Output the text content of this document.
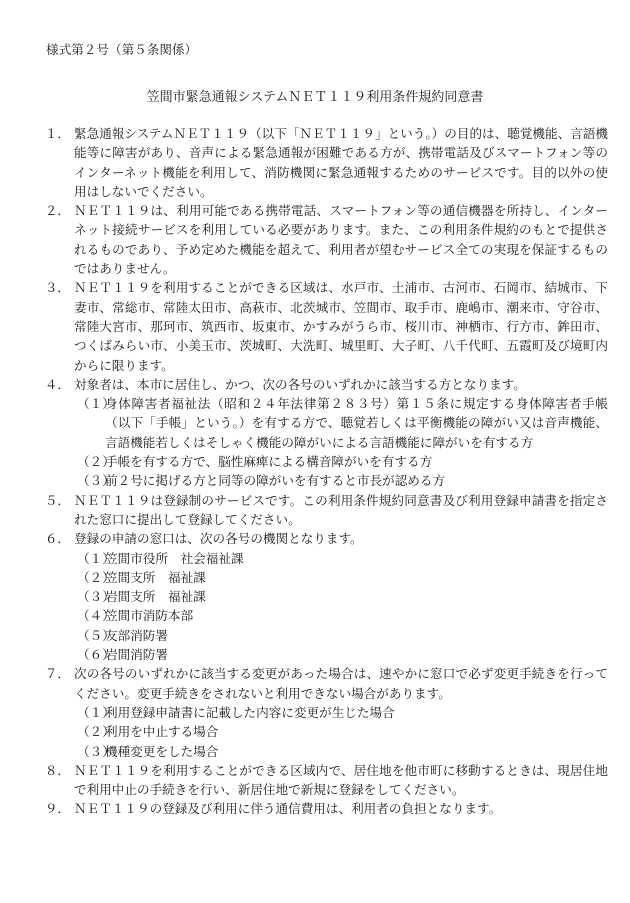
様式第２号（第５条関係）
笠間市緊急通報システムＮＥＴ１１９利用条件規約同意書
１． 緊急通報システムＮＥＴ１１９（以下「ＮＥＴ１１９」という。）の目的は、聴覚機能、言語機能等に障害があり、音声による緊急通報が困難である方が、携帯電話及びスマートフォン等のインターネット機能を利用して、消防機関に緊急通報するためのサービスです。目的以外の使用はしないでください。
２． ＮＥＴ１１９は、利用可能である携帯電話、スマートフォン等の通信機器を所持し、インターネット接続サービスを利用している必要があります。また、この利用条件規約のもとで提供されるものであり、予め定めた機能を超えて、利用者が望むサービス全ての実現を保証するものではありません。
３． ＮＥＴ１１９を利用することができる区域は、水戸市、土浦市、古河市、石岡市、結城市、下妻市、常総市、常陸太田市、高萩市、北茨城市、笠間市、取手市、鹿嶋市、潮来市、守谷市、常陸大宮市、那珂市、筑西市、坂東市、かすみがうら市、桜川市、神栖市、行方市、鉾田市、つくばみらい市、小美玉市、茨城町、大洗町、城里町、大子町、八千代町、五霞町及び境町内からに限ります。
４． 対象者は、本市に居住し、かつ、次の各号のいずれかに該当する方となります。
（１）
身体障害者福祉法（昭和２４年法律第２８３号）第１５条に規定する身体障害者手帳（以下「手帳」という。）を有する方で、聴覚若しくは平衡機能の障がい又は音声機能、言語機能若しくはそしゃく機能の障がいによる言語機能に障がいを有する方
（２）
手帳を有する方で、脳性麻痺による構音障がいを有する方
（３）
前２号に掲げる方と同等の障がいを有すると市長が認める方
５． ＮＥＴ１１９は登録制のサービスです。この利用条件規約同意書及び利用登録申請書を指定された窓口に提出して登録してください。
６． 登録の申請の窓口は、次の各号の機関となります。
（１）
笠間市役所　社会福祉課
（２）
笠間支所　福祉課
（３）
岩間支所　福祉課
（４）
笠間市消防本部
（５）
友部消防署
（６）
岩間消防署
７． 次の各号のいずれかに該当する変更があった場合は、速やかに窓口で必ず変更手続きを行ってください。変更手続きをされないと利用できない場合があります。
（１）
利用登録申請書に記載した内容に変更が生じた場合
（２）
利用を中止する場合
（３）
機種変更をした場合
８． ＮＥＴ１１９を利用することができる区域内で、居住地を他市町に移動するときは、現居住地で利用中止の手続きを行い、新居住地で新規に登録をしてください。
９． ＮＥＴ１１９の登録及び利用に伴う通信費用は、利用者の負担となります。
